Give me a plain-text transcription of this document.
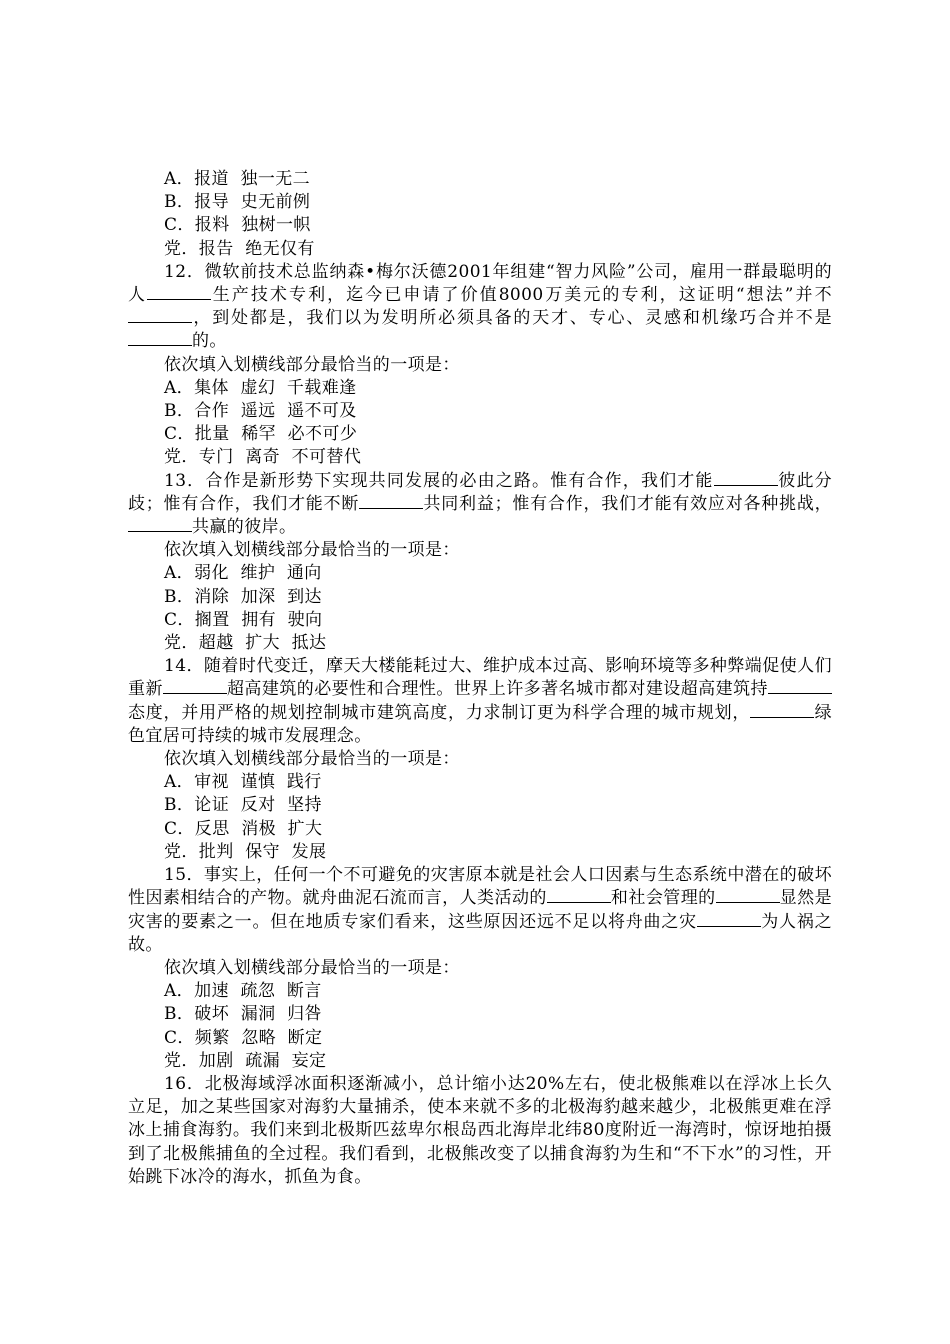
A．报道  独一无二

B．报导  史无前例

C．报料  独树一帜

党．报告  绝无仅有

12．微软前技术总监纳森•梅尔沃德2001年组建“智力风险”公司，雇用一群最聪明的人	生产技术专利，迄今已申请了价值8000万美元的专利，这证明“想法”并不，到处都是，我们以为发明所必须具备的天才、专心、灵感和机缘巧合并不是的。

依次填入划横线部分最恰当的一项是：

A．集体  虚幻  千载难逢

B．合作  遥远  遥不可及

C．批量  稀罕  必不可少

党．专门  离奇  不可替代

13．合作是新形势下实现共同发展的必由之路。惟有合作，我们才能	彼此分歧；惟有合作，我们才能不断	共同利益；惟有合作，我们才能有效应对各种挑战，共赢的彼岸。

依次填入划横线部分最恰当的一项是：

A．弱化  维护  通向

B．消除  加深  到达

C．搁置  拥有  驶向

党．超越  扩大  抵达

14．随着时代变迁，摩天大楼能耗过大、维护成本过高、影响环境等多种弊端促使人们重新	超高建筑的必要性和合理性。世界上许多著名城市都对建设超高建筑持态度，并用严格的规划控制城市建筑高度，力求制订更为科学合理的城市规划，	绿色宜居可持续的城市发展理念。

依次填入划横线部分最恰当的一项是：

A．审视  谨慎  践行

B．论证  反对  坚持

C．反思  消极  扩大

党．批判  保守  发展

15．事实上，任何一个不可避免的灾害原本就是社会人口因素与生态系统中潜在的破坏性因素相结合的产物。就舟曲泥石流而言，人类活动的	和社会管理的	显然是灾害的要素之一。但在地质专家们看来，这些原因还远不足以将舟曲之灾	为人祸之故。

依次填入划横线部分最恰当的一项是：

A．加速  疏忽  断言

B．破坏  漏洞  归咎

C．频繁  忽略  断定

党．加剧  疏漏  妄定

16．北极海域浮冰面积逐渐减小，总计缩小达20%左右，使北极熊难以在浮冰上长久立足，加之某些国家对海豹大量捕杀，使本来就不多的北极海豹越来越少，北极熊更难在浮冰上捕食海豹。我们来到北极斯匹兹卑尔根岛西北海岸北纬80度附近一海湾时，惊讶地拍摄到了北极熊捕鱼的全过程。我们看到，北极熊改变了以捕食海豹为生和“不下水”的习性，开始跳下冰冷的海水，抓鱼为食。
